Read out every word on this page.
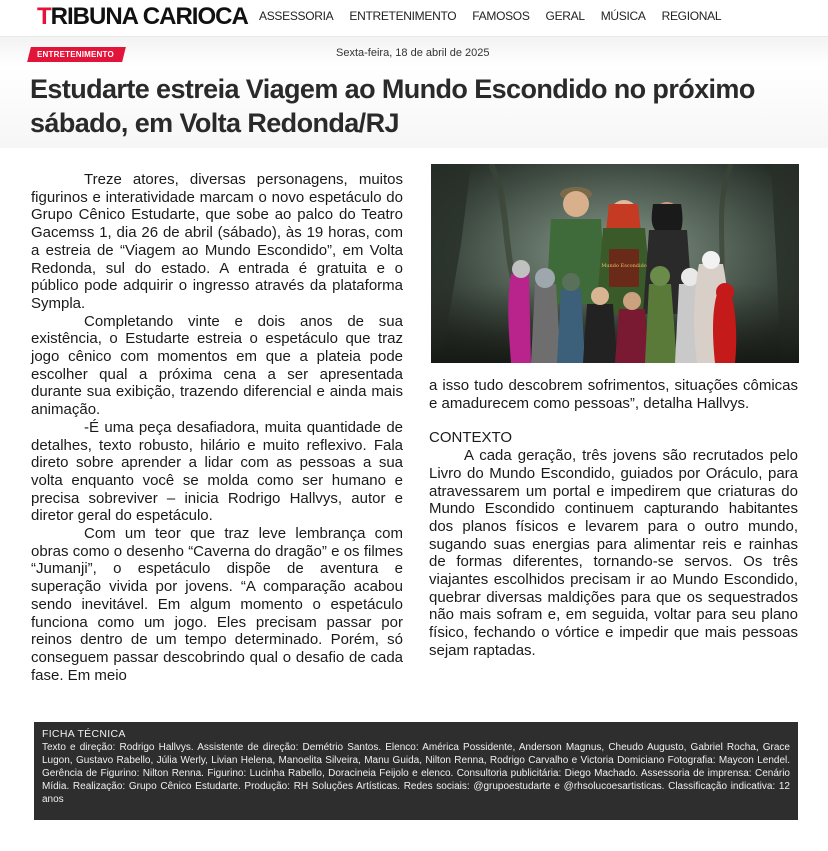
TRIBUNA CARIOCA ASSESSORIA ENTRETENIMENTO FAMOSOS GERAL MÚSICA REGIONAL
ENTRETENIMENTO	Sexta-feira, 18 de abril de 2025
Estudarte estreia Viagem ao Mundo Escondido no próximo sábado, em Volta Redonda/RJ

Treze atores, diversas personagens, muitos figurinos e interatividade marcam o novo espetáculo do Grupo Cênico Estudarte, que sobe ao palco do Teatro Gacemss 1, dia 26 de abril (sábado), às 19 horas, com a estreia de “Viagem ao Mundo Escondido”, em Volta Redonda, sul do estado. A entrada é gratuita e o público pode adquirir o ingresso através da plataforma Sympla.

Completando vinte e dois anos de sua existência, o Estudarte estreia o espetáculo que traz jogo cênico com momentos em que a plateia pode escolher qual a próxima cena a ser apresentada durante sua exibição, trazendo diferencial e ainda mais animação.

-É uma peça desafiadora, muita quantidade de detalhes, texto robusto, hilário e muito reflexivo. Fala direto sobre aprender a lidar com as pessoas a sua volta enquanto você se molda como ser humano e precisa sobreviver – inicia Rodrigo Hallvys, autor e diretor geral do espetáculo.

Com um teor que traz leve lembrança com obras como o desenho “Caverna do dragão” e os filmes “Jumanji”, o espetáculo dispõe de aventura e superação vivida por jovens. “A comparação acabou sendo inevitável. Em algum momento o espetáculo funciona como um jogo. Eles precisam passar por reinos dentro de um tempo determinado. Porém, só conseguem passar descobrindo qual o desafio de cada fase. Em meio

Mundo Escondido

a isso tudo descobrem sofrimentos, situações cômicas e amadurecem como pessoas”, detalha Hallvys.

CONTEXTO

A cada geração, três jovens são recrutados pelo Livro do Mundo Escondido, guiados por Oráculo, para atravessarem um portal e impedirem que criaturas do Mundo Escondido continuem capturando habitantes dos planos físicos e levarem para o outro mundo, sugando suas energias para alimentar reis e rainhas de formas diferentes, tornando-se servos. Os três viajantes escolhidos precisam ir ao Mundo Escondido, quebrar diversas maldições para que os sequestrados não mais sofram e, em seguida, voltar para seu plano físico, fechando o vórtice e impedir que mais pessoas sejam raptadas.

FICHA TÉCNICA
Texto e direção: Rodrigo Hallvys. Assistente de direção: Demétrio Santos. Elenco: América Possidente, Anderson Magnus, Cheudo Augusto, Gabriel Rocha, Grace Lugon, Gustavo Rabello, Júlia Werly, Livian Helena, Manoelita Silveira, Manu Guida, Nilton Renna, Rodrigo Carvalho e Victoria Domiciano Fotografia: Maycon Lendel. Gerência de Figurino: Nilton Renna. Figurino: Lucinha Rabello, Doracineia Feijolo e elenco. Consultoria publicitária: Diego Machado. Assessoria de imprensa: Cenário Mídia. Realização: Grupo Cênico Estudarte. Produção: RH Soluções Artísticas. Redes sociais: @grupoestudarte e @rhsolucoesartisticas. Classificação indicativa: 12 anos
